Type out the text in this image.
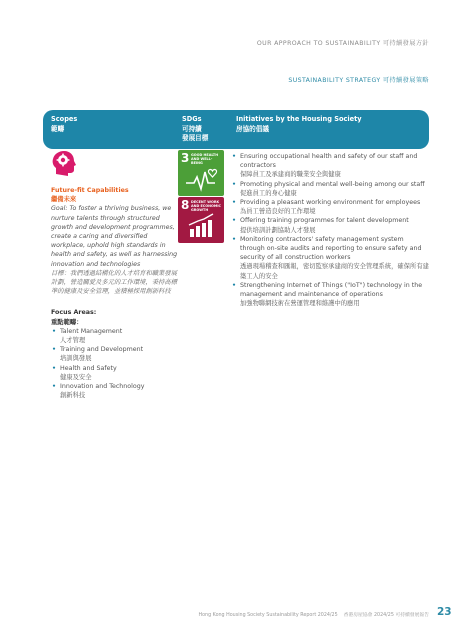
OUR APPROACH TO SUSTAINABILITY 可持續發展方針
SUSTAINABILITY STRATEGY 可持續發展策略
Scopes
範疇
SDGs
可持續
發展目標
Initiatives by the Housing Society
房協的倡議
Future-fit Capabilities
繼備未來
Goal: To foster a thriving business, we nurture talents through structured growth and development programmes, create a caring and diversified workplace, uphold high standards in health and safety, as well as harnessing innovation and technologies
目標：我們透過結構化的人才培育和職業發展計劃，營造關愛及多元的工作環境，秉持高標準的健康及安全管理，並積極採用創新科技
Focus Areas:
重點範疇：
• Talent Management
人才管理
• Training and Development
培訓與發展
• Health and Safety
健康及安全
• Innovation and Technology
創新科技
3 GOOD HEALTH AND WELL-BEING
8 DECENT WORK AND ECONOMIC GROWTH
• Ensuring occupational health and safety of our staff and contractors
保障員工及承建商的職業安全與健康
• Promoting physical and mental well-being among our staff
促進員工的身心健康
• Providing a pleasant working environment for employees
為員工營造良好的工作環境
• Offering training programmes for talent development
提供培訓計劃協助人才發展
• Monitoring contractors' safety management system through on-site audits and reporting to ensure safety and security of all construction workers
透過現場稽查和匯報，密切監察承建商的安全管理系統，確保所有建築工人的安全
• Strengthening Internet of Things ("IoT") technology in the management and maintenance of operations
加強物聯網技術在營運管理和維護中的應用
Hong Kong Housing Society Sustainability Report 2024/25 香港房屋協會 2024/25 可持續發展報告 23
